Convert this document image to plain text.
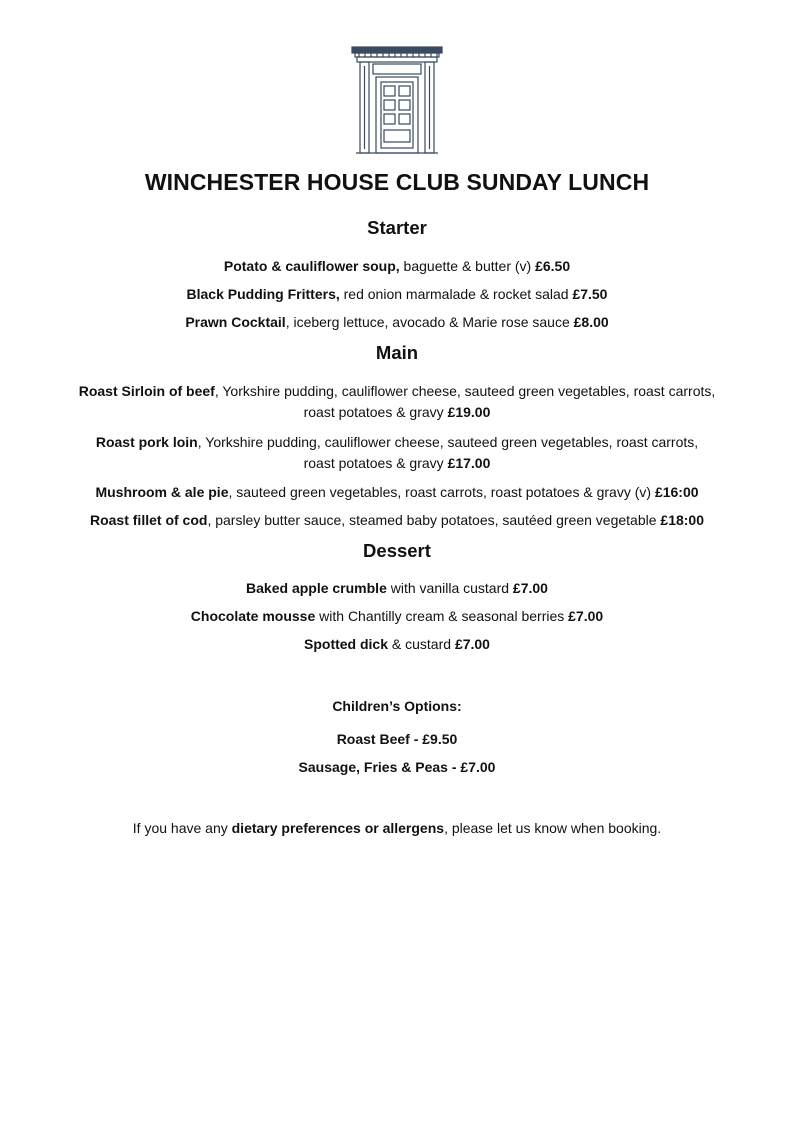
WINCHESTER HOUSE CLUB SUNDAY LUNCH
Starter
Potato & cauliflower soup, baguette & butter (v) £6.50
Black Pudding Fritters, red onion marmalade & rocket salad £7.50
Prawn Cocktail, iceberg lettuce, avocado & Marie rose sauce £8.00
Main
Roast Sirloin of beef, Yorkshire pudding, cauliflower cheese, sauteed green vegetables, roast carrots,
roast potatoes & gravy £19.00
Roast pork loin, Yorkshire pudding, cauliflower cheese, sauteed green vegetables, roast carrots,
roast potatoes & gravy £17.00
Mushroom & ale pie, sauteed green vegetables, roast carrots, roast potatoes & gravy (v) £16:00
Roast fillet of cod, parsley butter sauce, steamed baby potatoes, sautéed green vegetable £18:00
Dessert
Baked apple crumble with vanilla custard £7.00
Chocolate mousse with Chantilly cream & seasonal berries £7.00
Spotted dick & custard £7.00
Children’s Options:
Roast Beef - £9.50
Sausage, Fries & Peas - £7.00
If you have any dietary preferences or allergens, please let us know when booking.
